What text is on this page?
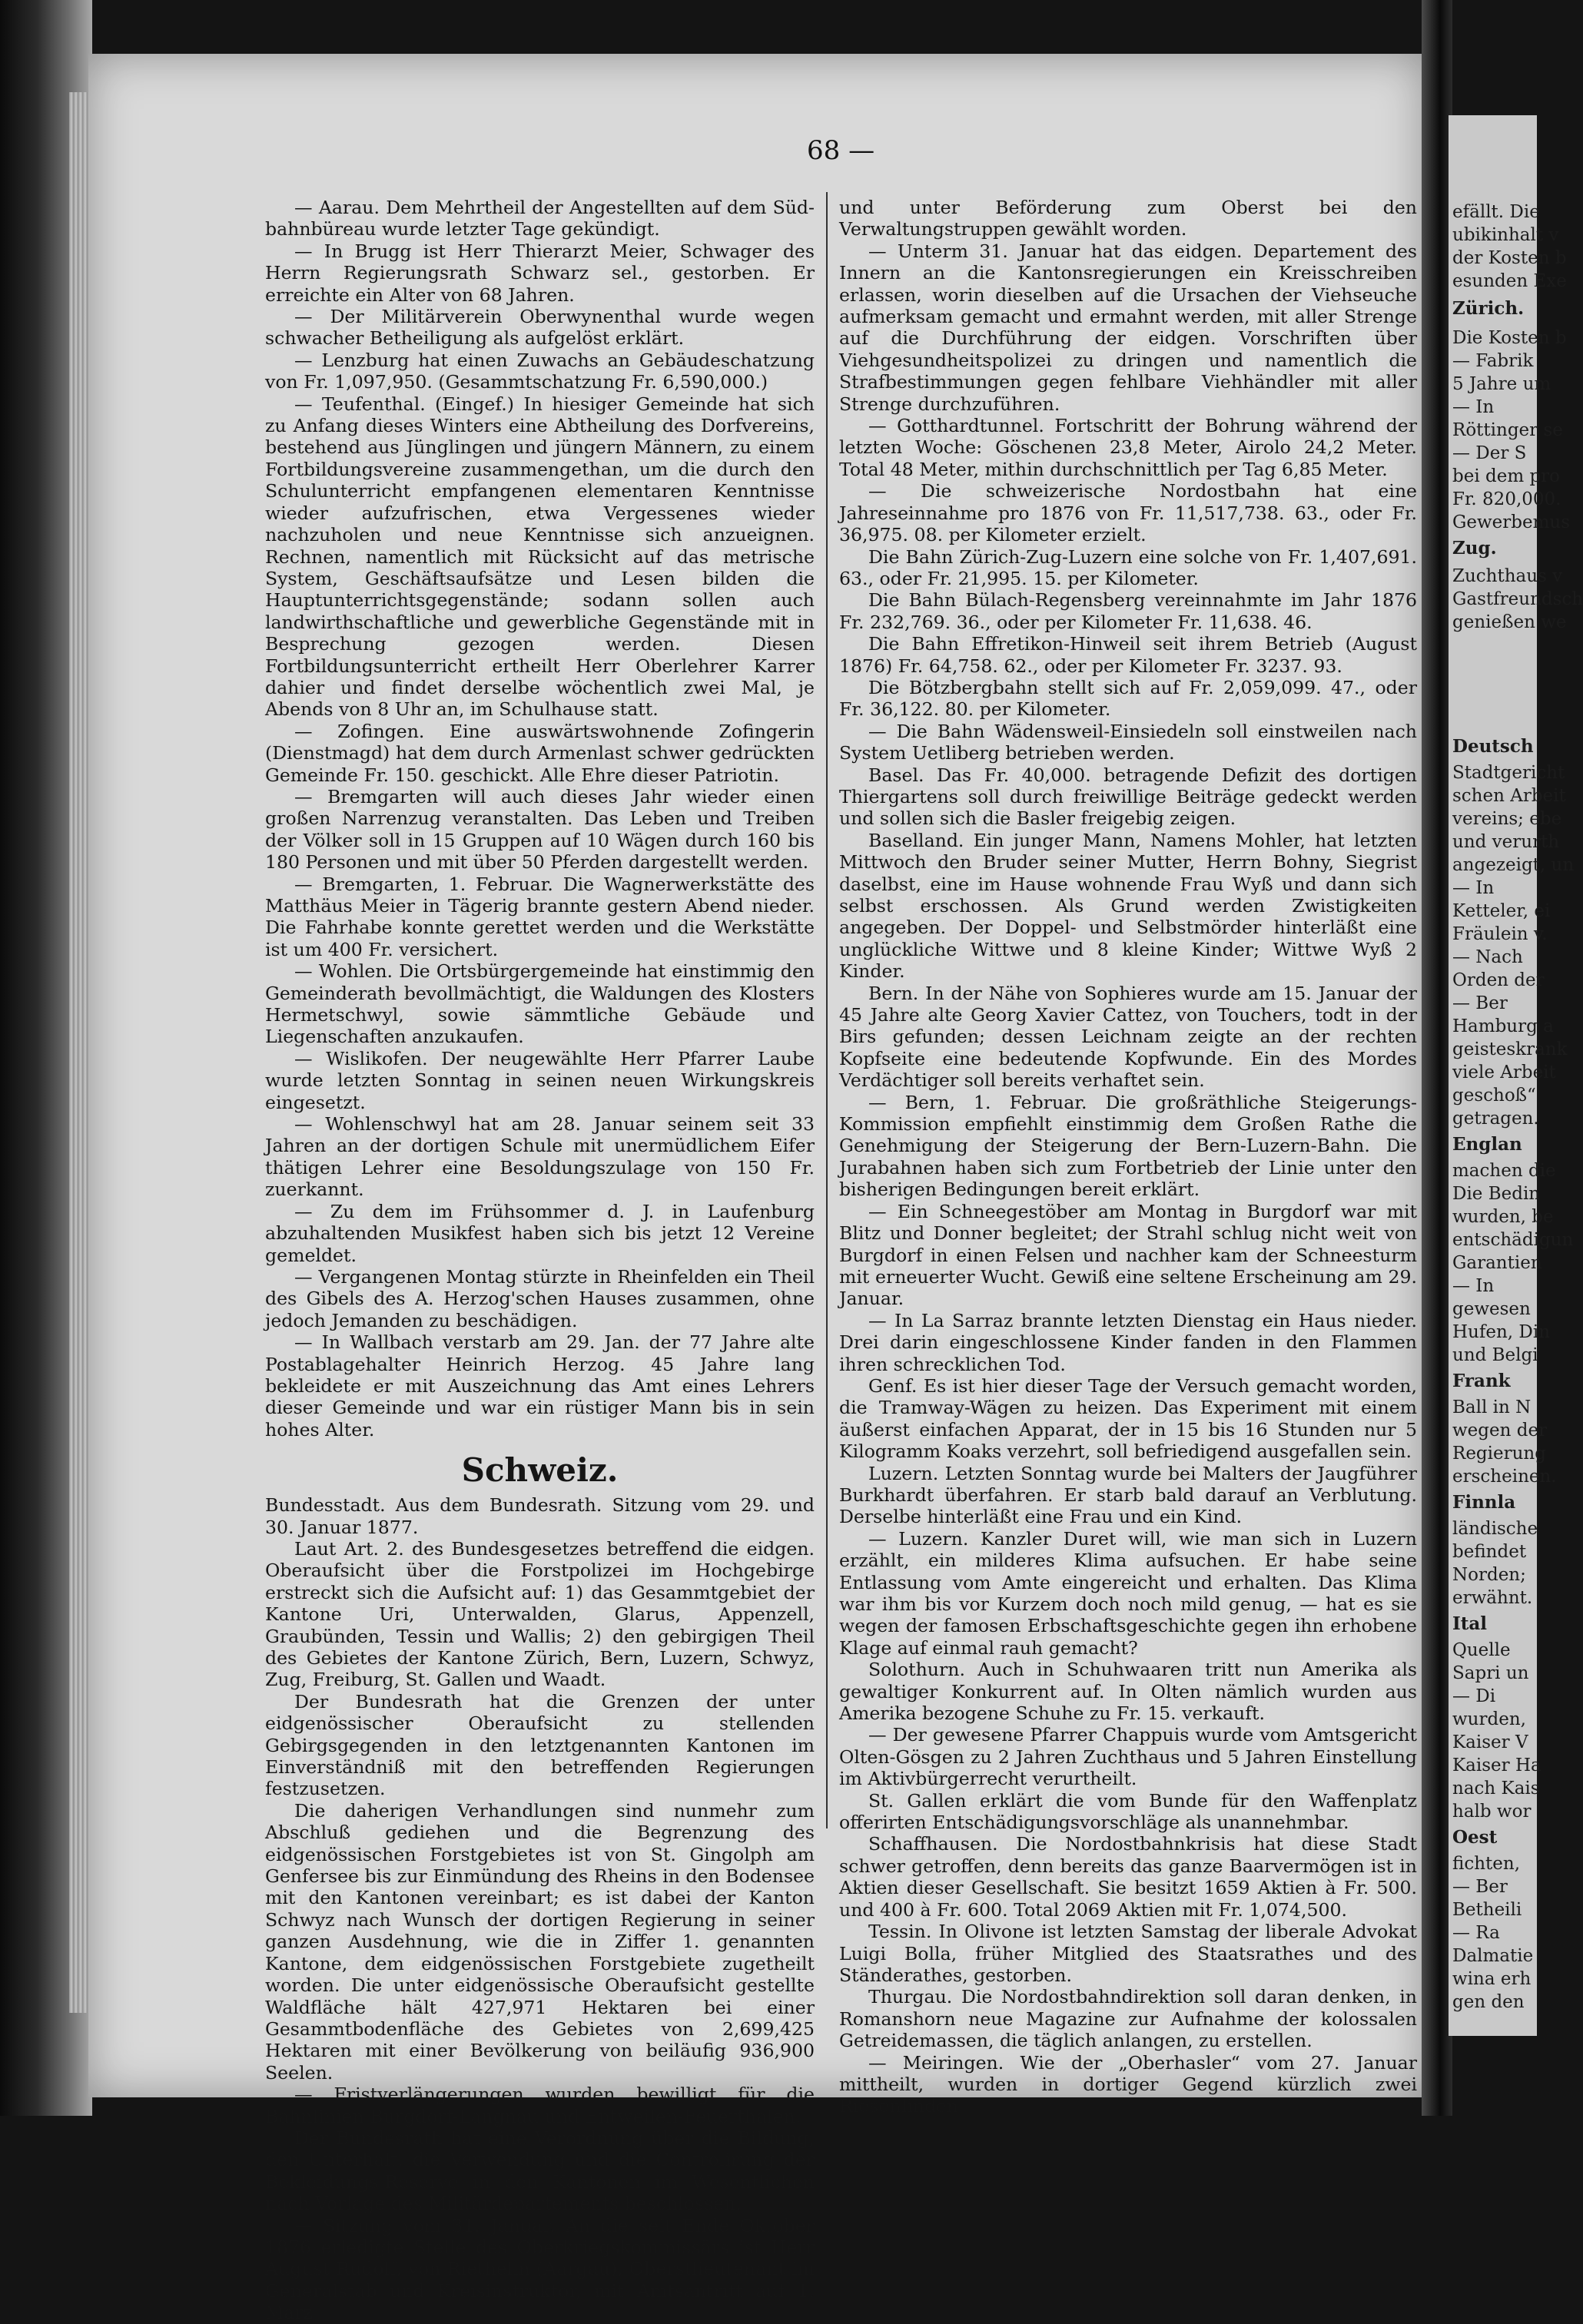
68 —

— Aarau. Dem Mehrtheil der Angestellten auf dem Süd-bahnbüreau wurde letzter Tage gekündigt.

— In Brugg ist Herr Thierarzt Meier, Schwager des Herrn Regierungsrath Schwarz sel., gestorben. Er erreichte ein Alter von 68 Jahren.

— Der Militärverein Oberwynenthal wurde wegen schwacher Betheiligung als aufgelöst erklärt.

— Lenzburg hat einen Zuwachs an Gebäudeschatzung von Fr. 1,097,950. (Gesammtschatzung Fr. 6,590,000.)

— Teufenthal. (Eingef.) In hiesiger Gemeinde hat sich zu Anfang dieses Winters eine Abtheilung des Dorfvereins, bestehend aus Jünglingen und jüngern Männern, zu einem Fortbildungsvereine zusammengethan, um die durch den Schulunterricht empfangenen elementaren Kenntnisse wieder aufzufrischen, etwa Vergessenes wieder nachzuholen und neue Kenntnisse sich anzueignen. Rechnen, namentlich mit Rücksicht auf das metrische System, Geschäftsaufsätze und Lesen bilden die Hauptunterrichtsgegenstände; sodann sollen auch landwirthschaftliche und gewerbliche Gegenstände mit in Besprechung gezogen werden. Diesen Fortbildungsunterricht ertheilt Herr Oberlehrer Karrer dahier und findet derselbe wöchentlich zwei Mal, je Abends von 8 Uhr an, im Schulhause statt.

— Zofingen. Eine auswärtswohnende Zofingerin (Dienstmagd) hat dem durch Armenlast schwer gedrückten Gemeinde Fr. 150. geschickt. Alle Ehre dieser Patriotin.

— Bremgarten will auch dieses Jahr wieder einen großen Narrenzug veranstalten. Das Leben und Treiben der Völker soll in 15 Gruppen auf 10 Wägen durch 160 bis 180 Personen und mit über 50 Pferden dargestellt werden.

— Bremgarten, 1. Februar. Die Wagnerwerkstätte des Matthäus Meier in Tägerig brannte gestern Abend nieder. Die Fahrhabe konnte gerettet werden und die Werkstätte ist um 400 Fr. versichert.

— Wohlen. Die Ortsbürgergemeinde hat einstimmig den Gemeinderath bevollmächtigt, die Waldungen des Klosters Hermetschwyl, sowie sämmtliche Gebäude und Liegenschaften anzukaufen.

— Wislikofen. Der neugewählte Herr Pfarrer Laube wurde letzten Sonntag in seinen neuen Wirkungskreis eingesetzt.

— Wohlenschwyl hat am 28. Januar seinem seit 33 Jahren an der dortigen Schule mit unermüdlichem Eifer thätigen Lehrer eine Besoldungszulage von 150 Fr. zuerkannt.

— Zu dem im Frühsommer d. J. in Laufenburg abzuhaltenden Musikfest haben sich bis jetzt 12 Vereine gemeldet.

— Vergangenen Montag stürzte in Rheinfelden ein Theil des Gibels des A. Herzog'schen Hauses zusammen, ohne jedoch Jemanden zu beschädigen.

— In Wallbach verstarb am 29. Jan. der 77 Jahre alte Postablagehalter Heinrich Herzog. 45 Jahre lang bekleidete er mit Auszeichnung das Amt eines Lehrers dieser Gemeinde und war ein rüstiger Mann bis in sein hohes Alter.

Schweiz.

Bundesstadt. Aus dem Bundesrath. Sitzung vom 29. und 30. Januar 1877.

Laut Art. 2. des Bundesgesetzes betreffend die eidgen. Oberaufsicht über die Forstpolizei im Hochgebirge erstreckt sich die Aufsicht auf: 1) das Gesammtgebiet der Kantone Uri, Unterwalden, Glarus, Appenzell, Graubünden, Tessin und Wallis; 2) den gebirgigen Theil des Gebietes der Kantone Zürich, Bern, Luzern, Schwyz, Zug, Freiburg, St. Gallen und Waadt.

Der Bundesrath hat die Grenzen der unter eidgenössischer Oberaufsicht zu stellenden Gebirgsgegenden in den letztgenannten Kantonen im Einverständniß mit den betreffenden Regierungen festzusetzen.

Die daherigen Verhandlungen sind nunmehr zum Abschluß gediehen und die Begrenzung des eidgenössischen Forstgebietes ist von St. Gingolph am Genfersee bis zur Einmündung des Rheins in den Bodensee mit den Kantonen vereinbart; es ist dabei der Kanton Schwyz nach Wunsch der dortigen Regierung in seiner ganzen Ausdehnung, wie die in Ziffer 1. genannten Kantone, dem eidgenössischen Forstgebiete zugetheilt worden. Die unter eidgenössische Oberaufsicht gestellte Waldfläche hält 427,971 Hektaren bei einer Gesammtbodenfläche des Gebietes von 2,699,425 Hektaren mit einer Bevölkerung von beiläufig 936,900 Seelen.

— Fristverlängerungen wurden bewilligt für die Bahnlinien Burgdorf-Langnau und Entweilen-Feuerthalen.

Der Bundesrath hat eine Verordnung über die Bildung, den Unterhalt, die Verwendung und die Controlirung der Bekleidungs-Reserve in den Kantonen im Wesentlichen nach Vorlage des Militärdepartements beschlossen.

— Sitzung vom 31. Januar. An die seit Ende Oktober 1876 erledigte Stelle des Oberkriegskommissärs ist Herr August Rudolf, von Riethelm (Aargau), Oberstlieutenant im Generalstab und Kreisinstruktor, mit Amtsantritt auf 1. März

und unter Beförderung zum Oberst bei den Verwaltungstruppen gewählt worden.

— Unterm 31. Januar hat das eidgen. Departement des Innern an die Kantonsregierungen ein Kreisschreiben erlassen, worin dieselben auf die Ursachen der Viehseuche aufmerksam gemacht und ermahnt werden, mit aller Strenge auf die Durchführung der eidgen. Vorschriften über Viehgesundheitspolizei zu dringen und namentlich die Strafbestimmungen gegen fehlbare Viehhändler mit aller Strenge durchzuführen.

— Gotthardtunnel. Fortschritt der Bohrung während der letzten Woche: Göschenen 23,8 Meter, Airolo 24,2 Meter. Total 48 Meter, mithin durchschnittlich per Tag 6,85 Meter.

— Die schweizerische Nordostbahn hat eine Jahreseinnahme pro 1876 von Fr. 11,517,738. 63., oder Fr. 36,975. 08. per Kilometer erzielt.

Die Bahn Zürich-Zug-Luzern eine solche von Fr. 1,407,691. 63., oder Fr. 21,995. 15. per Kilometer.

Die Bahn Bülach-Regensberg vereinnahmte im Jahr 1876 Fr. 232,769. 36., oder per Kilometer Fr. 11,638. 46.

Die Bahn Effretikon-Hinweil seit ihrem Betrieb (August 1876) Fr. 64,758. 62., oder per Kilometer Fr. 3237. 93.

Die Bötzbergbahn stellt sich auf Fr. 2,059,099. 47., oder Fr. 36,122. 80. per Kilometer.

— Die Bahn Wädensweil-Einsiedeln soll einstweilen nach System Uetliberg betrieben werden.

Basel. Das Fr. 40,000. betragende Defizit des dortigen Thiergartens soll durch freiwillige Beiträge gedeckt werden und sollen sich die Basler freigebig zeigen.

Baselland. Ein junger Mann, Namens Mohler, hat letzten Mittwoch den Bruder seiner Mutter, Herrn Bohny, Siegrist daselbst, eine im Hause wohnende Frau Wyß und dann sich selbst erschossen. Als Grund werden Zwistigkeiten angegeben. Der Doppel- und Selbstmörder hinterläßt eine unglückliche Wittwe und 8 kleine Kinder; Wittwe Wyß 2 Kinder.

Bern. In der Nähe von Sophieres wurde am 15. Januar der 45 Jahre alte Georg Xavier Cattez, von Touchers, todt in der Birs gefunden; dessen Leichnam zeigte an der rechten Kopfseite eine bedeutende Kopfwunde. Ein des Mordes Verdächtiger soll bereits verhaftet sein.

— Bern, 1. Februar. Die großräthliche Steigerungs-Kommission empfiehlt einstimmig dem Großen Rathe die Genehmigung der Steigerung der Bern-Luzern-Bahn. Die Jurabahnen haben sich zum Fortbetrieb der Linie unter den bisherigen Bedingungen bereit erklärt.

— Ein Schneegestöber am Montag in Burgdorf war mit Blitz und Donner begleitet; der Strahl schlug nicht weit von Burgdorf in einen Felsen und nachher kam der Schneesturm mit erneuerter Wucht. Gewiß eine seltene Erscheinung am 29. Januar.

— In La Sarraz brannte letzten Dienstag ein Haus nieder. Drei darin eingeschlossene Kinder fanden in den Flammen ihren schrecklichen Tod.

Genf. Es ist hier dieser Tage der Versuch gemacht worden, die Tramway-Wägen zu heizen. Das Experiment mit einem äußerst einfachen Apparat, der in 15 bis 16 Stunden nur 5 Kilogramm Koaks verzehrt, soll befriedigend ausgefallen sein.

Luzern. Letzten Sonntag wurde bei Malters der Jaugführer Burkhardt überfahren. Er starb bald darauf an Verblutung. Derselbe hinterläßt eine Frau und ein Kind.

— Luzern. Kanzler Duret will, wie man sich in Luzern erzählt, ein milderes Klima aufsuchen. Er habe seine Entlassung vom Amte eingereicht und erhalten. Das Klima war ihm bis vor Kurzem doch noch mild genug, — hat es sie wegen der famosen Erbschaftsgeschichte gegen ihn erhobene Klage auf einmal rauh gemacht?

Solothurn. Auch in Schuhwaaren tritt nun Amerika als gewaltiger Konkurrent auf. In Olten nämlich wurden aus Amerika bezogene Schuhe zu Fr. 15. verkauft.

— Der gewesene Pfarrer Chappuis wurde vom Amtsgericht Olten-Gösgen zu 2 Jahren Zuchthaus und 5 Jahren Einstellung im Aktivbürgerrecht verurtheilt.

St. Gallen erklärt die vom Bunde für den Waffenplatz offerirten Entschädigungsvorschläge als unannehmbar.

Schaffhausen. Die Nordostbahnkrisis hat diese Stadt schwer getroffen, denn bereits das ganze Baarvermögen ist in Aktien dieser Gesellschaft. Sie besitzt 1659 Aktien à Fr. 500. und 400 à Fr. 600. Total 2069 Aktien mit Fr. 1,074,500.

Tessin. In Olivone ist letzten Samstag der liberale Advokat Luigi Bolla, früher Mitglied des Staatsrathes und des Ständerathes, gestorben.

Thurgau. Die Nordostbahndirektion soll daran denken, in Romanshorn neue Magazine zur Aufnahme der kolossalen Getreidemassen, die täglich anlangen, zu erstellen.

— Meiringen. Wie der „Oberhasler“ vom 27. Januar mittheilt, wurden in dortiger Gegend kürzlich zwei Riesenlinden

efällt. Die
ubikinhalt v
der Kosten b
esunden Exe
Zürich.
Die Kosten b
— Fabrik
5 Jahre um
— In
Röttinger se
— Der S
bei dem pro
Fr. 820,000.
Gewerbemus
Zug.
Zuchthaus v
Gastfreundsch
genießen we
Deutsch
Stadtgericht
schen Arbeit
vereins; ebe
und verurth
angezeigt, un
— In
Ketteler, ei
Fräulein v.
— Nach
Orden der
— Ber
Hamburg a
geisteskrank
viele Arbeit
geschoß“
getragen.
Englan
machen die
Die Bedin
wurden, be
entschädigun
Garantien
— In
gewesen
Hufen, Din
und Belgi
Frank
Ball in N
wegen der
Regierung
erscheinen.
Finnla
ländische
befindet
Norden;
erwähnt.
Ital
Quelle
Sapri un
— Di
wurden,
Kaiser V
Kaiser Ha
nach Kais
halb wor
Oest
fichten,
— Ber
Betheili
— Ra
Dalmatie
wina erh
gen den
